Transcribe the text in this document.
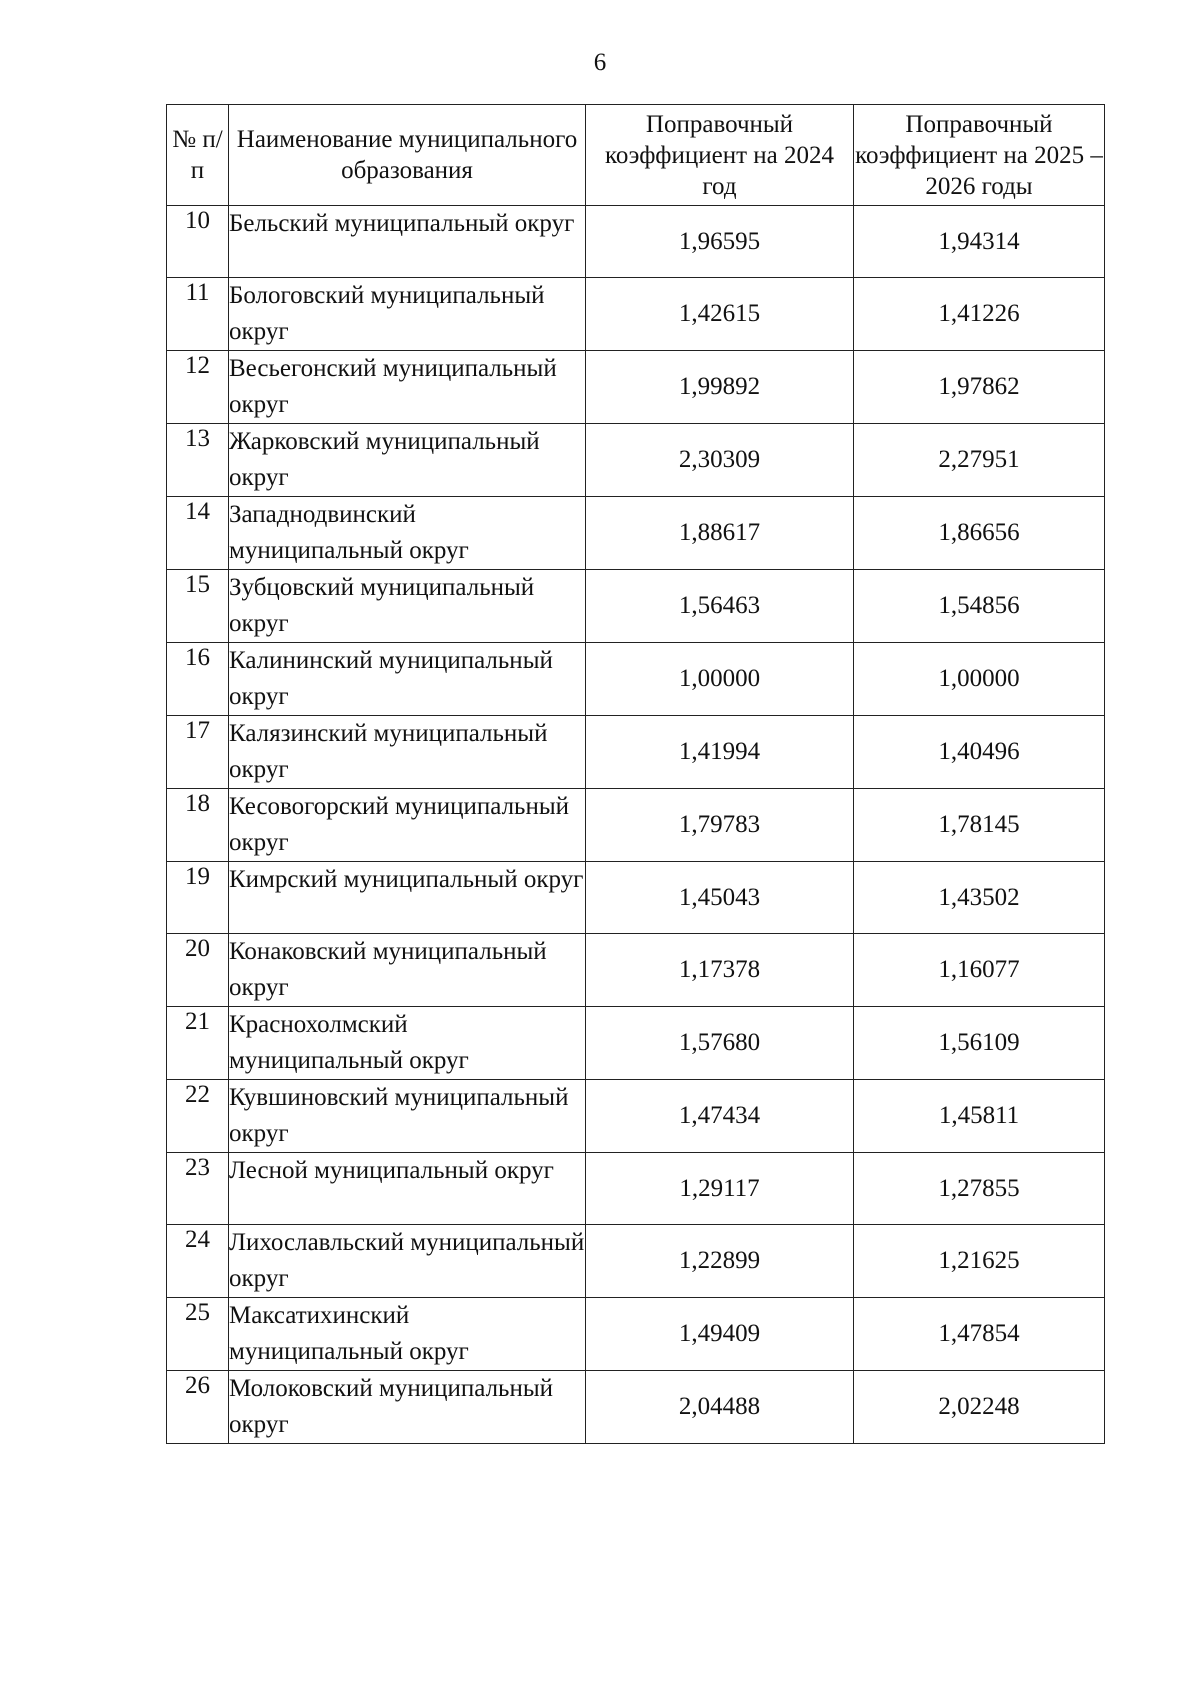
6
№ п/п	Наименование муниципального образования	Поправочный коэффициент на 2024 год	Поправочный коэффициент на 2025 – 2026 годы
10	Бельский муниципальный округ	1,96595	1,94314
11	Бологовский муниципальный округ	1,42615	1,41226
12	Весьегонский муниципальный округ	1,99892	1,97862
13	Жарковский муниципальный округ	2,30309	2,27951
14	Западнодвинский муниципальный округ	1,88617	1,86656
15	Зубцовский муниципальный округ	1,56463	1,54856
16	Калининский муниципальный округ	1,00000	1,00000
17	Калязинский муниципальный округ	1,41994	1,40496
18	Кесовогорский муниципальный округ	1,79783	1,78145
19	Кимрский муниципальный округ	1,45043	1,43502
20	Конаковский муниципальный округ	1,17378	1,16077
21	Краснохолмский муниципальный округ	1,57680	1,56109
22	Кувшиновский муниципальный округ	1,47434	1,45811
23	Лесной муниципальный округ	1,29117	1,27855
24	Лихославльский муниципальный округ	1,22899	1,21625
25	Максатихинский муниципальный округ	1,49409	1,47854
26	Молоковский муниципальный округ	2,04488	2,02248
